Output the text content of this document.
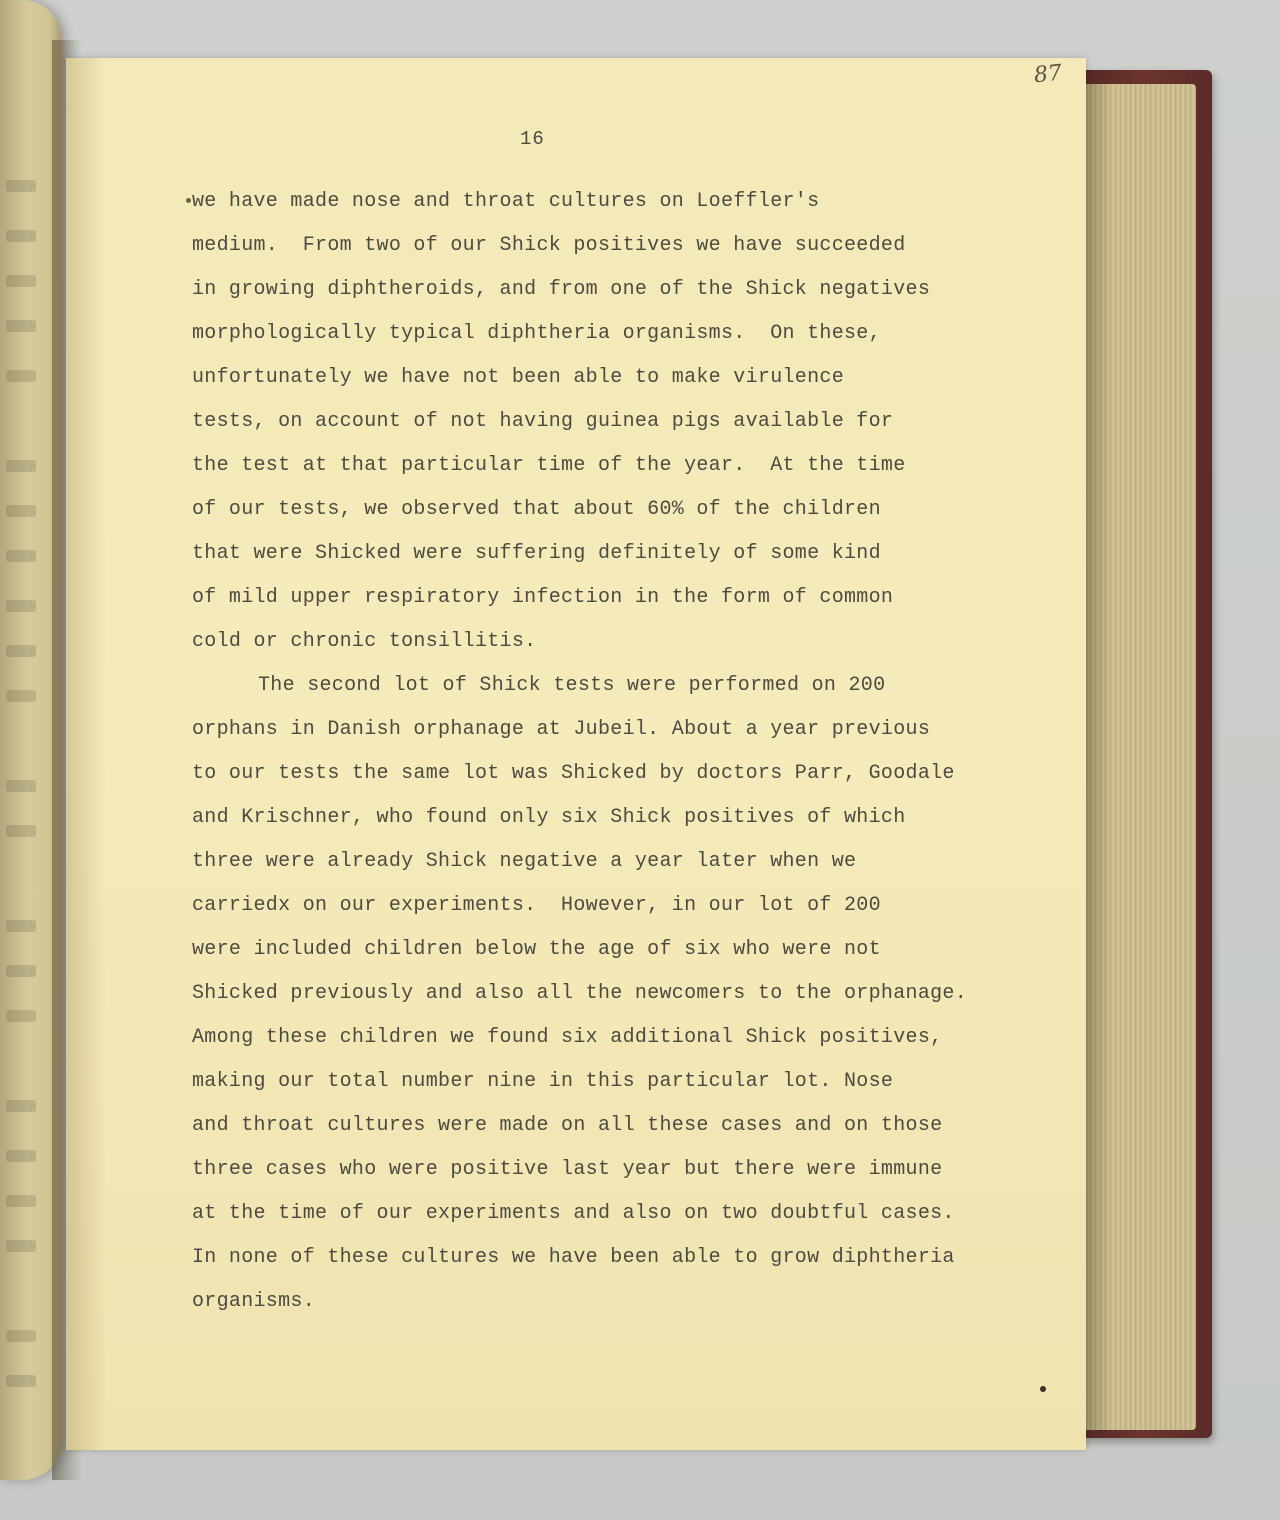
87
16
we have made nose and throat cultures on Loeffler's
medium.  From two of our Shick positives we have succeeded
in growing diphtheroids, and from one of the Shick negatives
morphologically typical diphtheria organisms.  On these,
unfortunately we have not been able to make virulence
tests, on account of not having guinea pigs available for
the test at that particular time of the year.  At the time
of our tests, we observed that about 60% of the children
that were Shicked were suffering definitely of some kind
of mild upper respiratory infection in the form of common
cold or chronic tonsillitis.
The second lot of Shick tests were performed on 200
orphans in Danish orphanage at Jubeil. About a year previous
to our tests the same lot was Shicked by doctors Parr, Goodale
and Krischner, who found only six Shick positives of which
three were already Shick negative a year later when we
carriedx on our experiments.  However, in our lot of 200
were included children below the age of six who were not
Shicked previously and also all the newcomers to the orphanage.
Among these children we found six additional Shick positives,
making our total number nine in this particular lot. Nose
and throat cultures were made on all these cases and on those
three cases who were positive last year but there were immune
at the time of our experiments and also on two doubtful cases.
In none of these cultures we have been able to grow diphtheria
organisms.
